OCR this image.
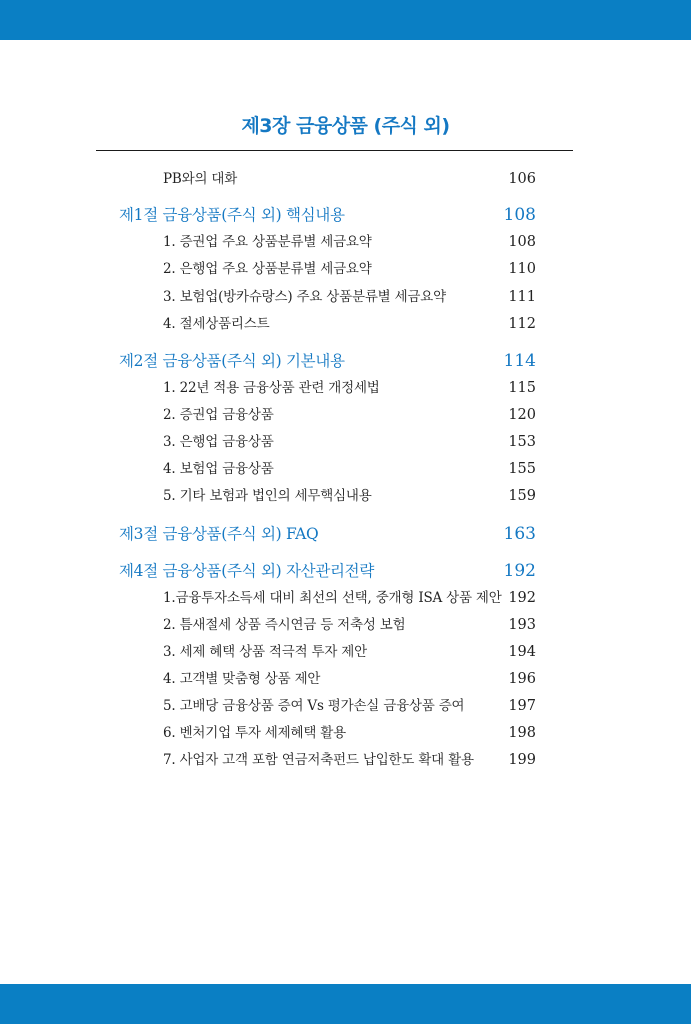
제3장 금융상품 (주식 외)
PB와의 대화	106
제1절 금융상품(주식 외) 핵심내용	108
1. 증권업 주요 상품분류별 세금요약	108
2. 은행업 주요 상품분류별 세금요약	110
3. 보험업(방카슈랑스) 주요 상품분류별 세금요약	111
4. 절세상품리스트	112
제2절 금융상품(주식 외) 기본내용	114
1. 22년 적용 금융상품 관련 개정세법	115
2. 증권업 금융상품	120
3. 은행업 금융상품	153
4. 보험업 금융상품	155
5. 기타 보험과 법인의 세무핵심내용	159
제3절 금융상품(주식 외) FAQ	163
제4절 금융상품(주식 외) 자산관리전략	192
1.금융투자소득세 대비 최선의 선택, 중개형 ISA 상품 제안 192
2. 틈새절세 상품 즉시연금 등 저축성 보험	193
3. 세제 혜택 상품 적극적 투자 제안	194
4. 고객별 맞춤형 상품 제안	196
5. 고배당 금융상품 증여 Vs 평가손실 금융상품 증여	197
6. 벤처기업 투자 세제혜택 활용	198
7. 사업자 고객 포함 연금저축펀드 납입한도 확대 활용 199
